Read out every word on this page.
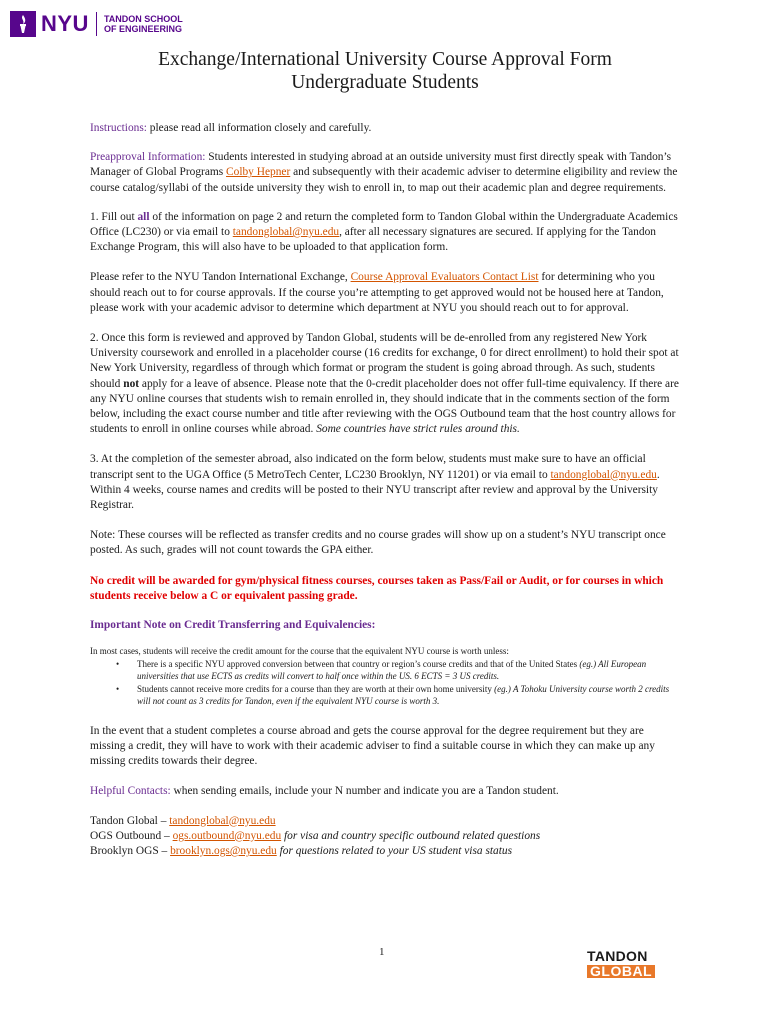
NYU TANDON SCHOOL
OF ENGINEERING
Exchange/International University Course Approval Form
Undergraduate Students

Instructions: please read all information closely and carefully.

Preapproval Information: Students interested in studying abroad at an outside university must first directly speak with Tandon’s Manager of Global Programs Colby Hepner and subsequently with their academic adviser to determine eligibility and review the course catalog/syllabi of the outside university they wish to enroll in, to map out their academic plan and degree requirements.

1. Fill out all of the information on page 2 and return the completed form to Tandon Global within the Undergraduate Academics Office (LC230) or via email to tandonglobal@nyu.edu, after all necessary signatures are secured. If applying for the Tandon Exchange Program, this will also have to be uploaded to that application form.

Please refer to the NYU Tandon International Exchange, Course Approval Evaluators Contact List for determining who you should reach out to for course approvals. If the course you’re attempting to get approved would not be housed here at Tandon, please work with your academic advisor to determine which department at NYU you should reach out to for approval.

2. Once this form is reviewed and approved by Tandon Global, students will be de-enrolled from any registered New York University coursework and enrolled in a placeholder course (16 credits for exchange, 0 for direct enrollment) to hold their spot at New York University, regardless of through which format or program the student is going abroad through. As such, students should not apply for a leave of absence. Please note that the 0-credit placeholder does not offer full-time equivalency. If there are any NYU online courses that students wish to remain enrolled in, they should indicate that in the comments section of the form below, including the exact course number and title after reviewing with the OGS Outbound team that the host country allows for students to enroll in online courses while abroad. Some countries have strict rules around this.

3. At the completion of the semester abroad, also indicated on the form below, students must make sure to have an official transcript sent to the UGA Office (5 MetroTech Center, LC230 Brooklyn, NY 11201) or via email to tandonglobal@nyu.edu. Within 4 weeks, course names and credits will be posted to their NYU transcript after review and approval by the University Registrar.

Note: These courses will be reflected as transfer credits and no course grades will show up on a student’s NYU transcript once posted. As such, grades will not count towards the GPA either.

No credit will be awarded for gym/physical fitness courses, courses taken as Pass/Fail or Audit, or for courses in which students receive below a C or equivalent passing grade.

Important Note on Credit Transferring and Equivalencies:

In most cases, students will receive the credit amount for the course that the equivalent NYU course is worth unless:

• There is a specific NYU approved conversion between that country or region’s course credits and that of the United States (eg.) All European universities that use ECTS as credits will convert to half once within the US. 6 ECTS = 3 US credits.
• Students cannot receive more credits for a course than they are worth at their own home university (eg.) A Tohoku University course worth 2 credits will not count as 3 credits for Tandon, even if the equivalent NYU course is worth 3.

In the event that a student completes a course abroad and gets the course approval for the degree requirement but they are missing a credit, they will have to work with their academic adviser to find a suitable course in which they can make up any missing credits towards their degree.

Helpful Contacts: when sending emails, include your N number and indicate you are a Tandon student.

Tandon Global – tandonglobal@nyu.edu
OGS Outbound – ogs.outbound@nyu.edu for visa and country specific outbound related questions
Brooklyn OGS – brooklyn.ogs@nyu.edu for questions related to your US student visa status
1	TANDON
GLOBAL
